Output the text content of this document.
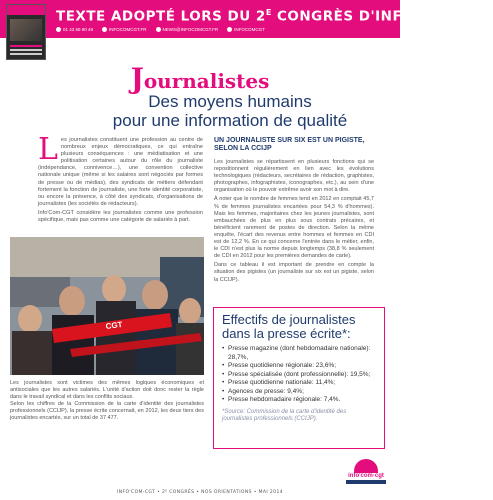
TEXTE ADOPTÉ LORS DU $2^E$ CONGRÈS D'INFO'COM-CGT
01 43 59 90 49	INFOCOMCGT.FR	NEWS@INFOCOMCGT.FR	INFOCOMCGT
Journalistes
Des moyens humains
pour une information de qualité

Les journalistes constituent une profession au centre de nombreux enjeux démocratiques, ce qui entraîne plusieurs conséquences : une médiatisation et une politisation certaines autour du rôle du journaliste (indépendance, connivence…), une convention collective nationale unique (même si les salaires sont négociés par formes de presse ou de médias), des syndicats de métiers défendant fortement la fonction de journaliste, une forte identité corporatiste, ou encore la présence, à côté des syndicats, d'organisations de journalistes (les sociétés de rédacteurs).

Info'Com-CGT considère les journalistes comme une profession spécifique, mais pas comme une catégorie de salariés à part.

CGT

Les journalistes sont victimes des mêmes logiques économiques et antisociales que les autres salariés. L'unité d'action doit donc rester la règle dans le travail syndical et dans les conflits sociaux.

Selon les chiffres de la Commission de la carte d'identité des journalistes professionnels (CCIJP), la presse écrite concernait, en 2012, les deux tiers des journalistes encartés, sur un total de 37 477.

UN JOURNALISTE SUR SIX EST UN PIGISTE, SELON LA CCIJP

Les journalistes se répartissent en plusieurs fonctions qui se repositionnent régulièrement en lien avec les évolutions technologiques (rédacteurs, secrétaires de rédaction, graphistes, photographes, infographistes, iconographes, etc.), au sein d'une organisation où le pouvoir extrême avoir son mot à dire.

À noter que le nombre de femmes tend en 2012 en comptait 45,7 % de femmes journalistes encartées pour 54,3 % d'hommes). Mais les femmes, majoritaires chez les jeunes journalistes, sont embauchées de plus en plus sous contrats précaires, et bénéficient rarement de postes de direction. Selon la même enquête, l'écart des revenus entre hommes et femmes en CDI est de 12,2 %. En ce qui concerne l'entrée dans le métier, enfin, le CDI n'est plus la norme depuis longtemps (38,8 % seulement de CDI en 2012 pour les premières demandes de carte).

Dans ce tableau il est important de prendre en compte la situation des pigistes (un journaliste sur six est un pigiste, selon la CCIJP).

Effectifs de journalistes
dans la presse écrite*:
• Presse magazine (dont hebdomadaire nationale): 28,7%,
• Presse quotidienne régionale: 23,6%;
• Presse spécialisée (dont professionnelle): 19,5%;
• Presse quotidienne nationale: 11,4%;
• Agences de presse: 9,4%;
• Presse hebdomadaire régionale: 7,4%.
*Source: Commission de la carte d'identité des journalistes professionnels (CCIJP).
info'com·cgt
INFO'COM-CGT • 2ᴱ CONGRÈS • NOS ORIENTATIONS • MAI 2014
